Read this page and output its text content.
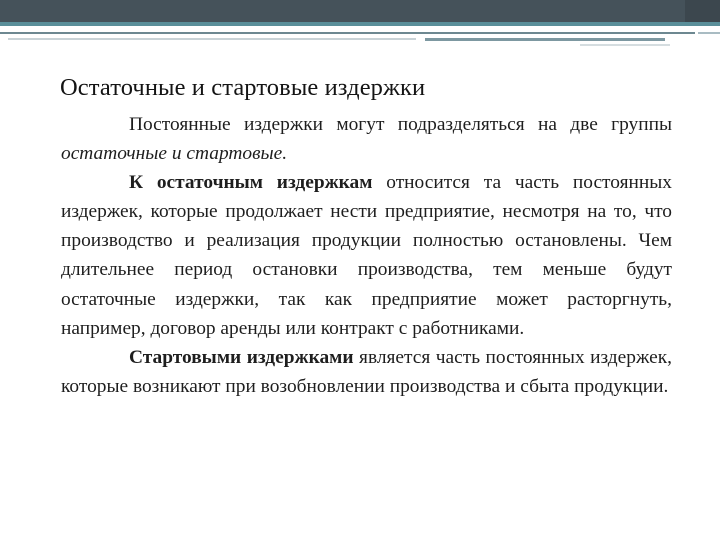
Остаточные и стартовые издержки

Постоянные издержки могут подразделяться на две группы остаточные и стартовые.

К остаточным издержкам относится та часть постоянных издержек, которые продолжает нести предприятие, несмотря на то, что производство и реализация продукции полностью остановлены. Чем длительнее период остановки производства, тем меньше будут остаточные издержки, так как предприятие может расторгнуть, например, договор аренды или контракт с работниками.

Стартовыми издержками является часть постоянных издержек, которые возникают при возобновлении производства и сбыта продукции.
